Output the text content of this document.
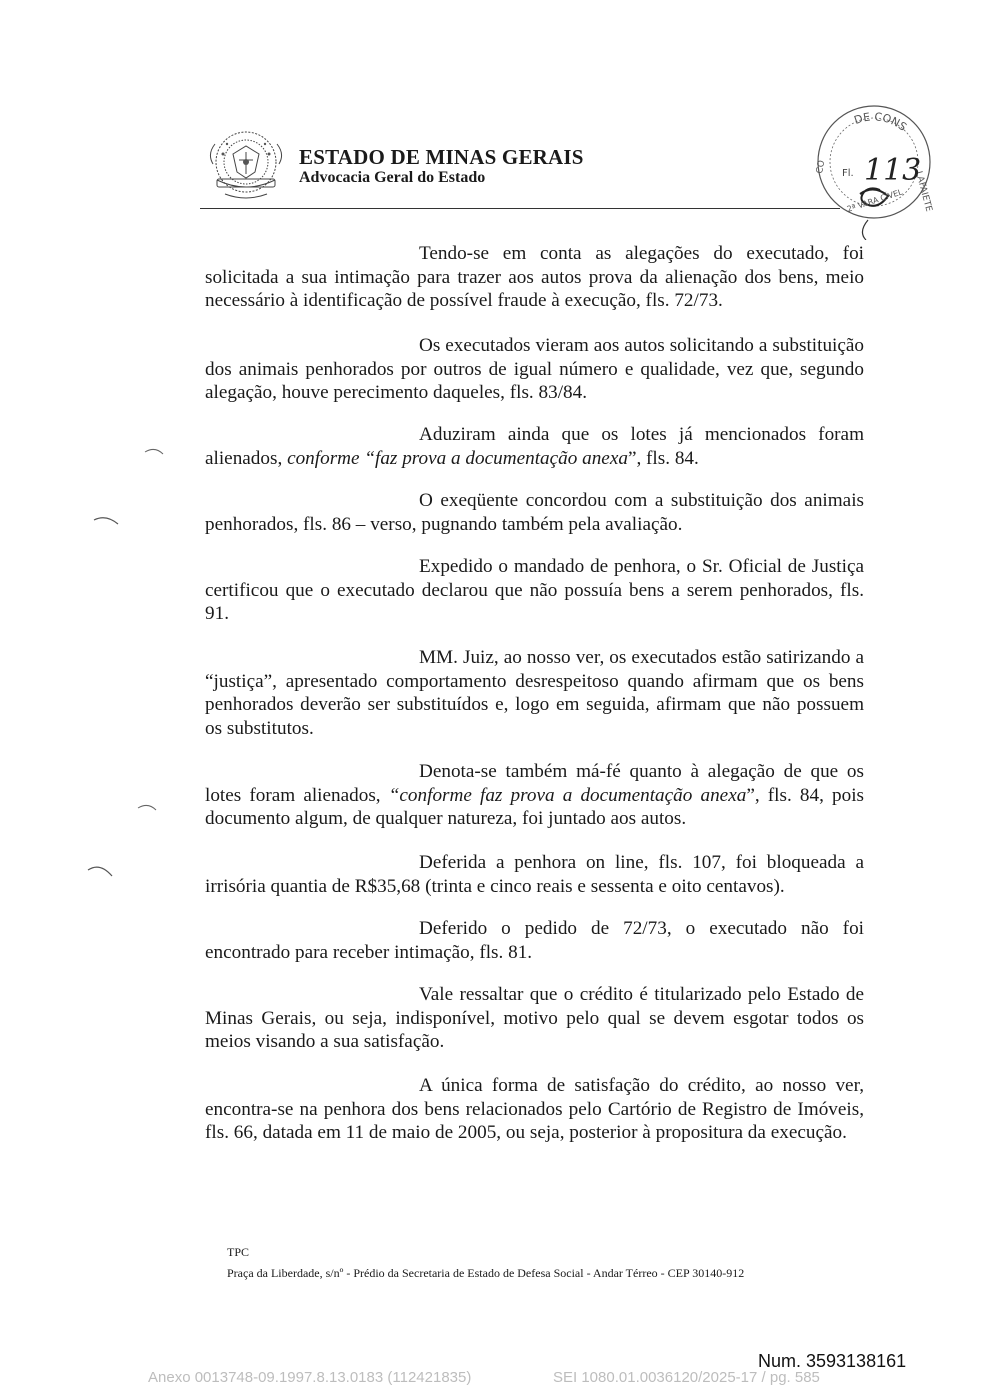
ESTADO DE MINAS GERAIS
Advocacia Geral do Estado
DE CONS
LAFAIETE
CO Fl. 113
2ª VARA CÍVEL

Tendo-se em conta as alegações do executado, foi solicitada a sua intimação para trazer aos autos prova da alienação dos bens, meio necessário à identificação de possível fraude à execução, fls. 72/73.

Os executados vieram aos autos solicitando a substituição dos animais penhorados por outros de igual número e qualidade, vez que, segundo alegação, houve perecimento daqueles, fls. 83/84.

Aduziram ainda que os lotes já mencionados foram alienados, conforme “faz prova a documentação anexa”, fls. 84.

O exeqüente concordou com a substituição dos animais penhorados, fls. 86 – verso, pugnando também pela avaliação.

Expedido o mandado de penhora, o Sr. Oficial de Justiça certificou que o executado declarou que não possuía bens a serem penhorados, fls. 91.

MM. Juiz, ao nosso ver, os executados estão satirizando a “justiça”, apresentado comportamento desrespeitoso quando afirmam que os bens penhorados deverão ser substituídos e, logo em seguida, afirmam que não possuem os substitutos.

Denota-se também má-fé quanto à alegação de que os lotes foram alienados, “conforme faz prova a documentação anexa”, fls. 84, pois documento algum, de qualquer natureza, foi juntado aos autos.

Deferida a penhora on line, fls. 107, foi bloqueada a irrisória quantia de R$35,68 (trinta e cinco reais e sessenta e oito centavos).

Deferido o pedido de 72/73, o executado não foi encontrado para receber intimação, fls. 81.

Vale ressaltar que o crédito é titularizado pelo Estado de Minas Gerais, ou seja, indisponível, motivo pelo qual se devem esgotar todos os meios visando a sua satisfação.

A única forma de satisfação do crédito, ao nosso ver, encontra-se na penhora dos bens relacionados pelo Cartório de Registro de Imóveis, fls. 66, datada em 11 de maio de 2005, ou seja, posterior à propositura da execução.

TPC
Praça da Liberdade, s/nº - Prédio da Secretaria de Estado de Defesa Social - Andar Térreo - CEP 30140-912
Num. 3593138161
Anexo 0013748-09.1997.8.13.0183 (112421835)	SEI 1080.01.0036120/2025-17 / pg. 585
